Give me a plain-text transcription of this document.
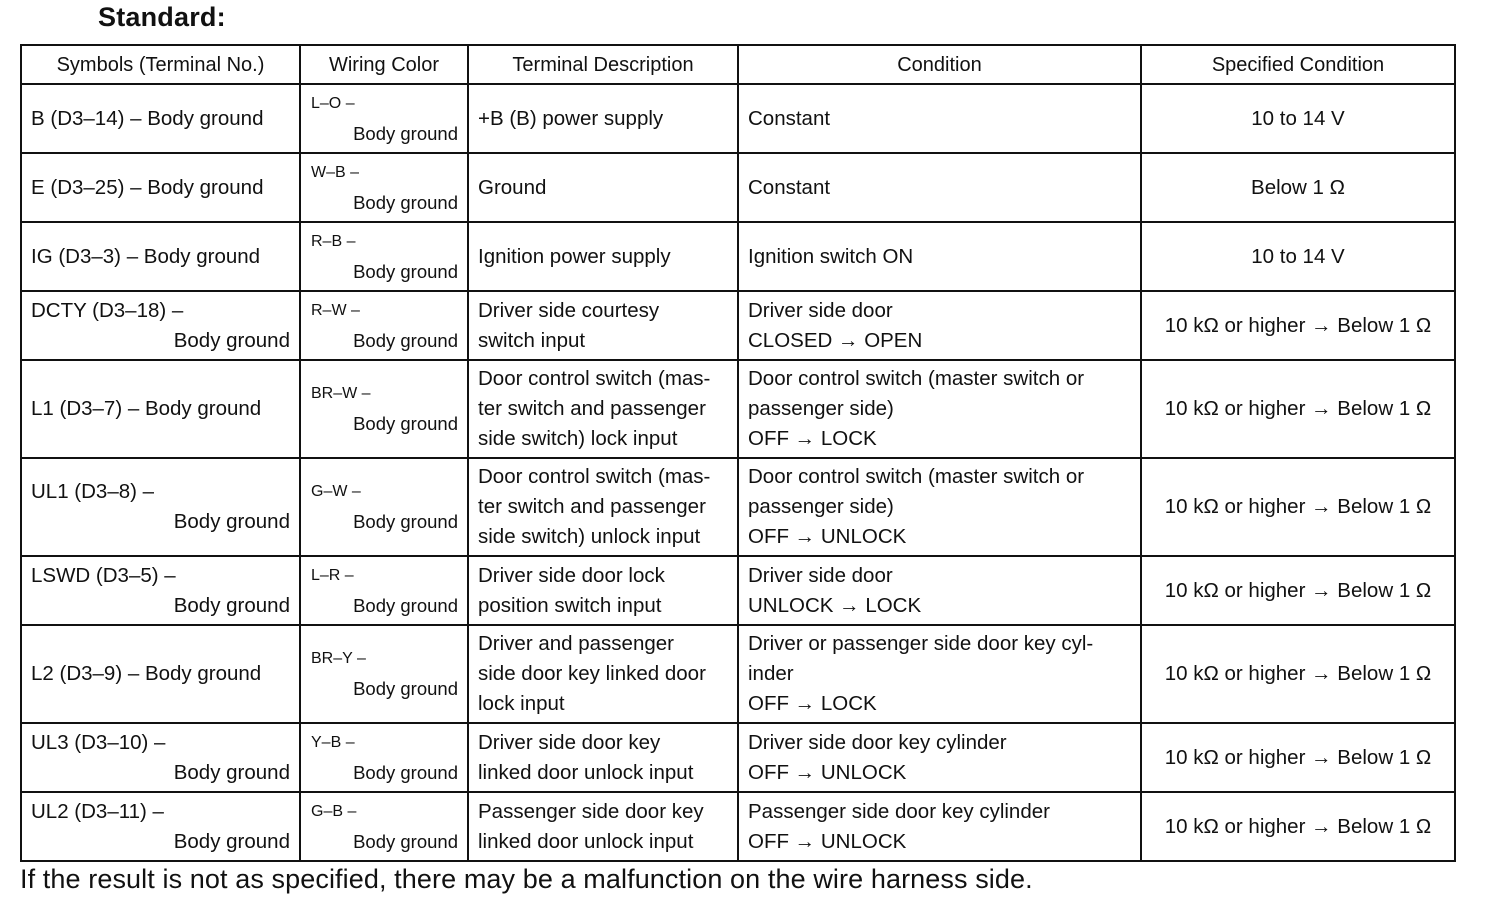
Standard:
Symbols (Terminal No.)	Wiring Color	Terminal Description	Condition	Specified Condition

B (D3–14) – Body ground	L–O –
Body ground	+B (B) power supply	Constant	10 to 14 V

E (D3–25) – Body ground	W–B –
Body ground	Ground	Constant	Below 1 Ω

IG (D3–3) – Body ground	R–B –
Body ground	Ignition power supply	Ignition switch ON	10 to 14 V

DCTY (D3–18) –
Body ground	R–W –
Body ground	Driver side courtesy
switch input	Driver side door
CLOSED → OPEN	10 kΩ or higher → Below 1 Ω

L1 (D3–7) – Body ground	BR–W –
Body ground	Door control switch (mas-
ter switch and passenger
side switch) lock input	Door control switch (master switch or
passenger side)
OFF → LOCK	10 kΩ or higher → Below 1 Ω

UL1 (D3–8) –
Body ground	G–W –
Body ground	Door control switch (mas-
ter switch and passenger
side switch) unlock input	Door control switch (master switch or
passenger side)
OFF → UNLOCK	10 kΩ or higher → Below 1 Ω

LSWD (D3–5) –
Body ground	L–R –
Body ground	Driver side door lock
position switch input	Driver side door
UNLOCK → LOCK	10 kΩ or higher → Below 1 Ω

L2 (D3–9) – Body ground	BR–Y –
Body ground	Driver and passenger
side door key linked door
lock input	Driver or passenger side door key cyl-
inder
OFF → LOCK	10 kΩ or higher → Below 1 Ω

UL3 (D3–10) –
Body ground	Y–B –
Body ground	Driver side door key
linked door unlock input	Driver side door key cylinder
OFF → UNLOCK	10 kΩ or higher → Below 1 Ω

UL2 (D3–11) –
Body ground	G–B –
Body ground	Passenger side door key
linked door unlock input	Passenger side door key cylinder
OFF → UNLOCK	10 kΩ or higher → Below 1 Ω
If the result is not as specified, there may be a malfunction on the wire harness side.
